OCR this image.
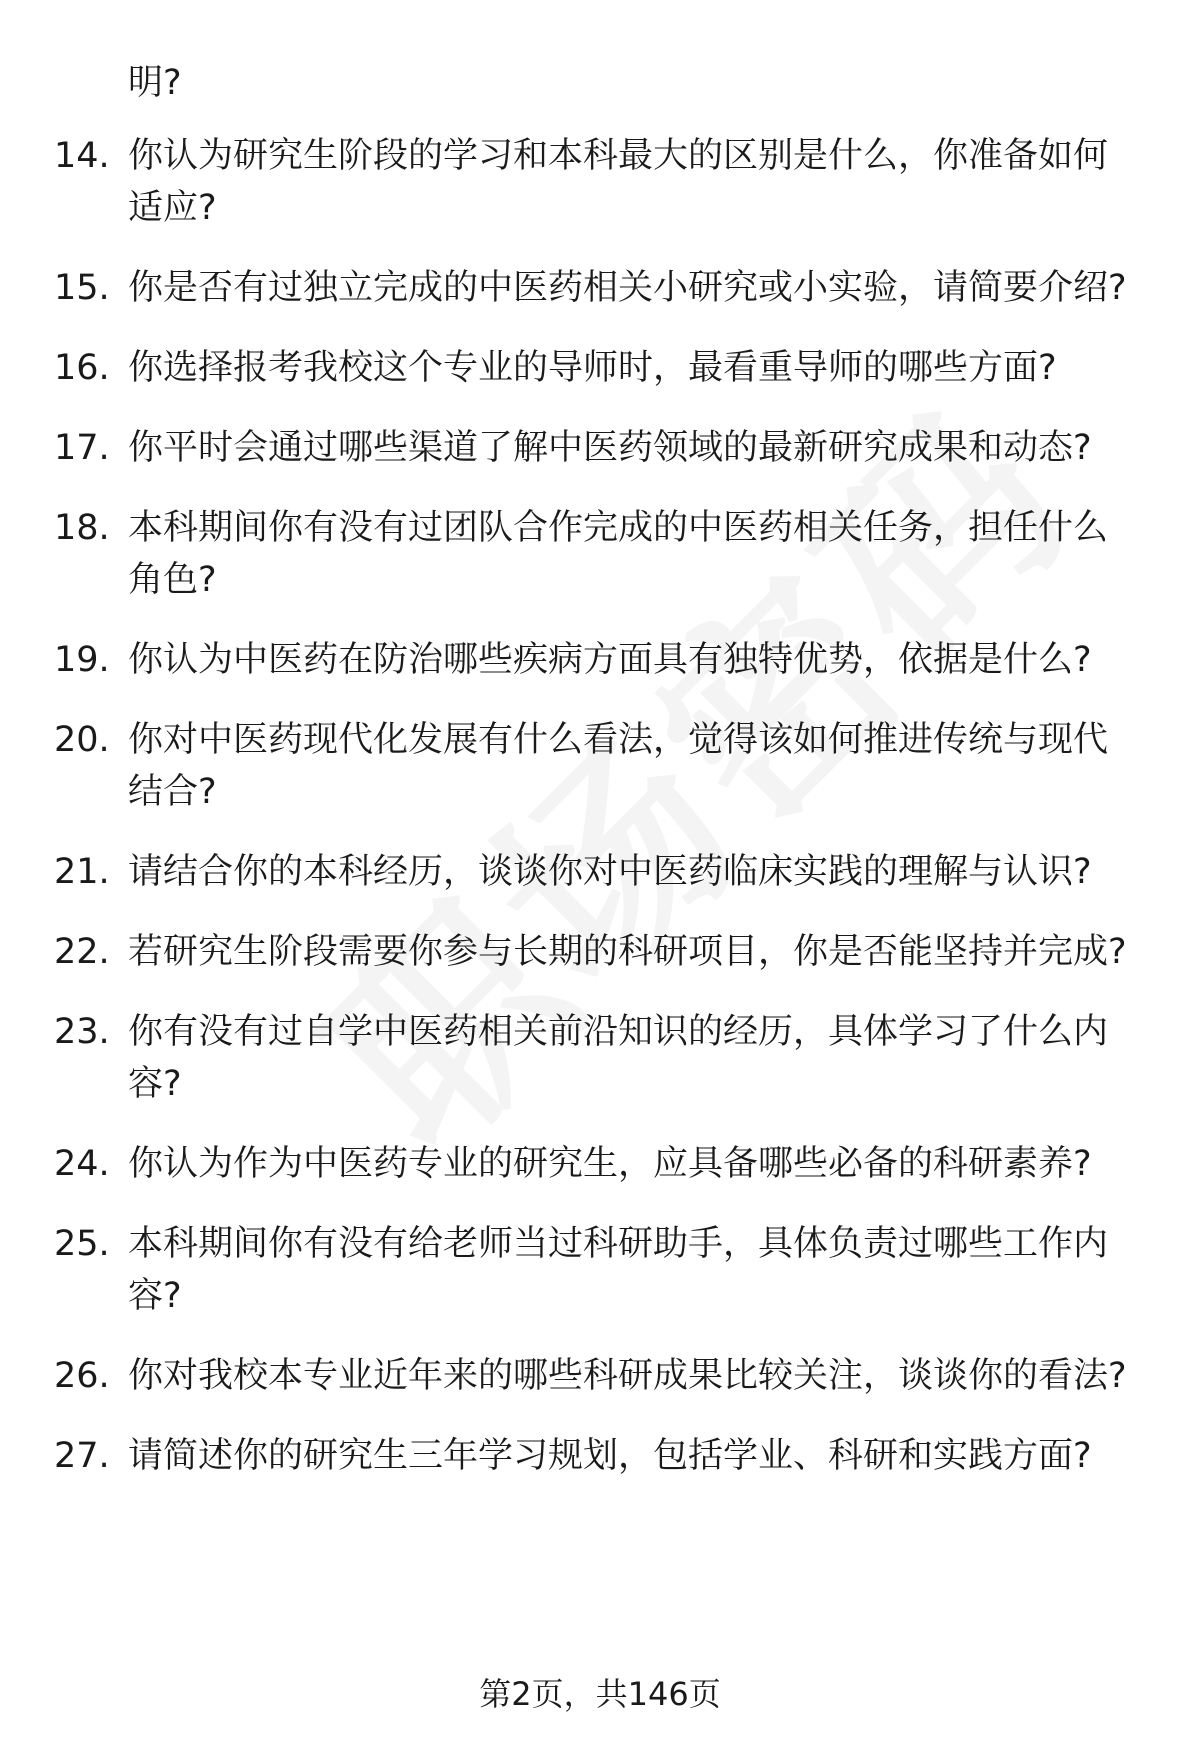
明?
14. 你认为研究生阶段的学习和本科最大的区别是什么，你准备如何适应?
15. 你是否有过独立完成的中医药相关小研究或小实验，请简要介绍?
16. 你选择报考我校这个专业的导师时，最看重导师的哪些方面?
17. 你平时会通过哪些渠道了解中医药领域的最新研究成果和动态?
18. 本科期间你有没有过团队合作完成的中医药相关任务，担任什么角色?
19. 你认为中医药在防治哪些疾病方面具有独特优势，依据是什么?
20. 你对中医药现代化发展有什么看法，觉得该如何推进传统与现代结合?
21. 请结合你的本科经历，谈谈你对中医药临床实践的理解与认识?
22. 若研究生阶段需要你参与长期的科研项目，你是否能坚持并完成?
23. 你有没有过自学中医药相关前沿知识的经历，具体学习了什么内容?
24. 你认为作为中医药专业的研究生，应具备哪些必备的科研素养?
25. 本科期间你有没有给老师当过科研助手，具体负责过哪些工作内容?
26. 你对我校本专业近年来的哪些科研成果比较关注，谈谈你的看法?
27. 请简述你的研究生三年学习规划，包括学业、科研和实践方面?
第2页，共146页
